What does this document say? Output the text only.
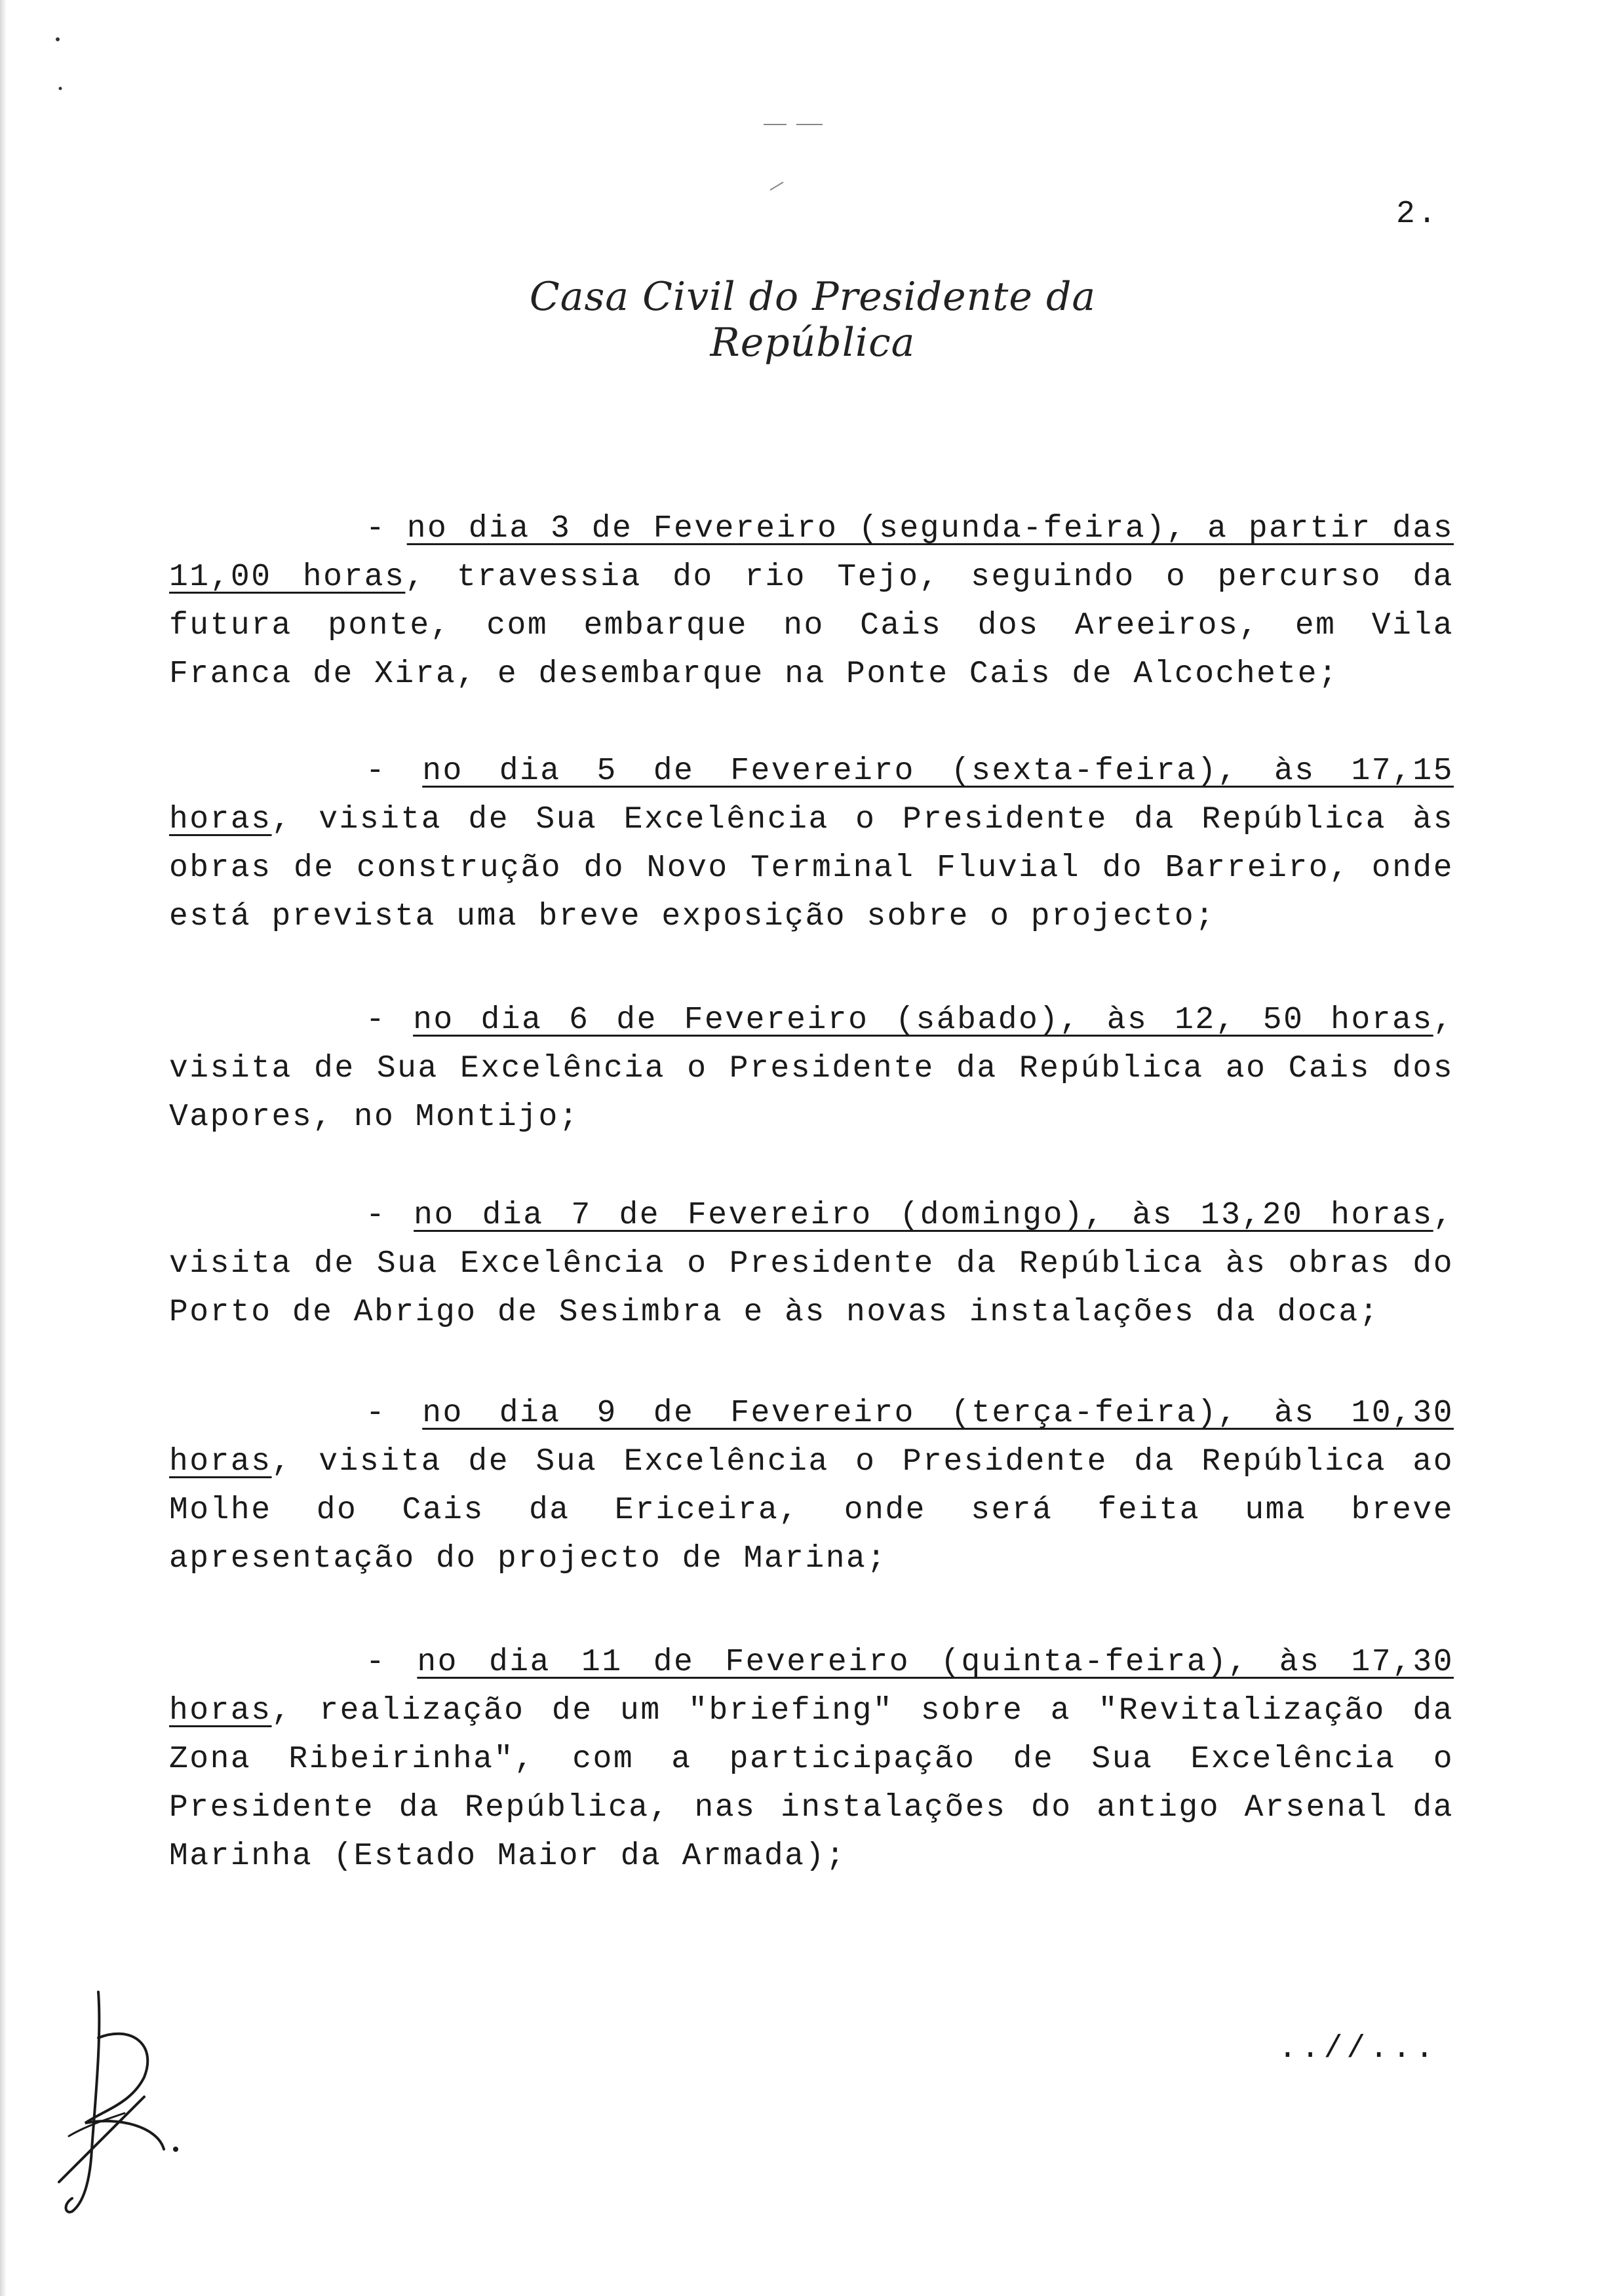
2.
Casa Civil do Presidente da República
- no dia 3 de Fevereiro (segunda-feira), a partir das 11,00 horas, travessia do rio Tejo, seguindo o percurso da futura ponte, com embarque no Cais dos Areeiros, em Vila Franca de Xira, e desembarque na Ponte Cais de Alcochete;
- no dia 5 de Fevereiro (sexta-feira), às 17,15 horas, visita de Sua Excelência o Presidente da República às obras de construção do Novo Terminal Fluvial do Barreiro, onde está prevista uma breve exposição sobre o projecto;
- no dia 6 de Fevereiro (sábado), às 12, 50 horas, visita de Sua Excelência o Presidente da República ao Cais dos Vapores, no Montijo;
- no dia 7 de Fevereiro (domingo), às 13,20 horas, visita de Sua Excelência o Presidente da República às obras do Porto de Abrigo de Sesimbra e às novas instalações da doca;
- no dia 9 de Fevereiro (terça-feira), às 10,30 horas, visita de Sua Excelência o Presidente da República ao Molhe do Cais da Ericeira, onde será feita uma breve apresentação do projecto de Marina;
- no dia 11 de Fevereiro (quinta-feira), às 17,30 horas, realização de um "briefing" sobre a "Revitalização da Zona Ribeirinha", com a participação de Sua Excelência o Presidente da República, nas instalações do antigo Arsenal da Marinha (Estado Maior da Armada);
..//...
